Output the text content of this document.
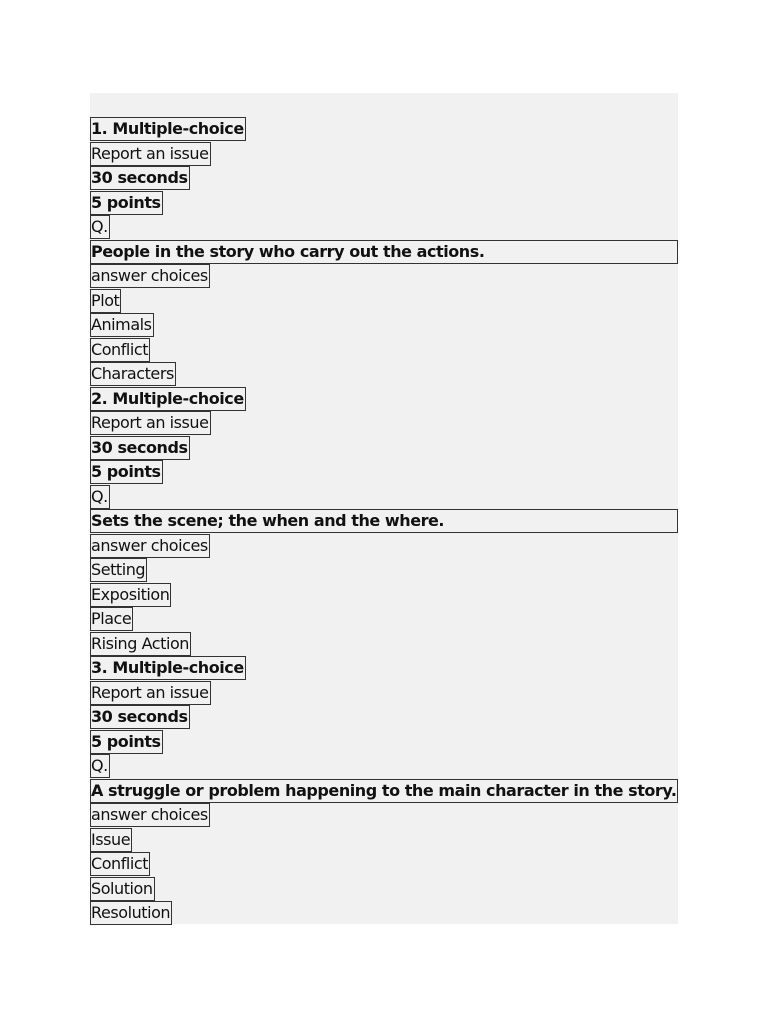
1. Multiple-choice
Report an issue
30 seconds
5 points
Q.
People in the story who carry out the actions.
answer choices
Plot
Animals
Conflict
Characters
2. Multiple-choice
Report an issue
30 seconds
5 points
Q.
Sets the scene; the when and the where.
answer choices
Setting
Exposition
Place
Rising Action
3. Multiple-choice
Report an issue
30 seconds
5 points
Q.
A struggle or problem happening to the main character in the story.
answer choices
Issue
Conflict
Solution
Resolution
